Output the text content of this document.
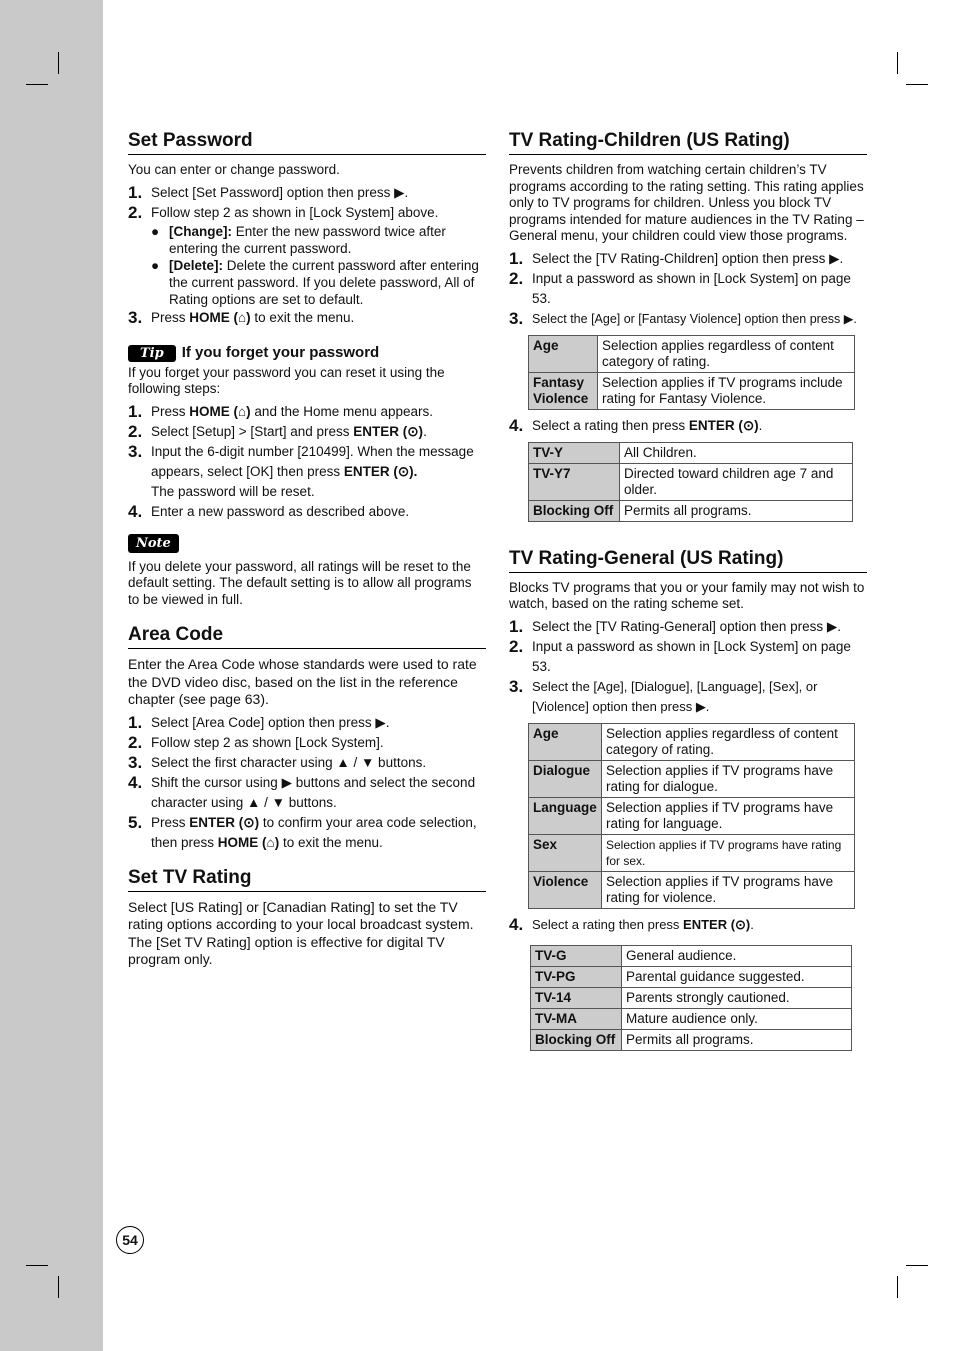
Set Password
You can enter or change password.
1. Select [Set Password] option then press ▶.
2. Follow step 2 as shown in [Lock System] above.
● [Change]: Enter the new password twice after entering the current password.
● [Delete]: Delete the current password after entering the current password. If you delete password, All of Rating options are set to default.
3. Press HOME (⌂) to exit the menu.
Tip If you forget your password
If you forget your password you can reset it using the following steps:
1. Press HOME (⌂) and the Home menu appears.
2. Select [Setup] > [Start] and press ENTER (⊙).
3. Input the 6-digit number [210499]. When the message appears, select [OK] then press ENTER (⊙).
The password will be reset.
4. Enter a new password as described above.
Note
If you delete your password, all ratings will be reset to the default setting. The default setting is to allow all programs to be viewed in full.
Area Code
Enter the Area Code whose standards were used to rate the DVD video disc, based on the list in the reference chapter (see page 63).
1. Select [Area Code] option then press ▶.
2. Follow step 2 as shown [Lock System].
3. Select the first character using ▲ / ▼ buttons.
4. Shift the cursor using ▶ buttons and select the second character using ▲ / ▼ buttons.
5. Press ENTER (⊙) to confirm your area code selection, then press HOME (⌂) to exit the menu.
Set TV Rating
Select [US Rating] or [Canadian Rating] to set the TV rating options according to your local broadcast system. The [Set TV Rating] option is effective for digital TV program only.
TV Rating-Children (US Rating)
Prevents children from watching certain children’s TV programs according to the rating setting. This rating applies only to TV programs for children. Unless you block TV programs intended for mature audiences in the TV Rating – General menu, your children could view those programs.
1. Select the [TV Rating-Children] option then press ▶.
2. Input a password as shown in [Lock System] on page 53.
3. Select the [Age] or [Fantasy Violence] option then press ▶.
Age	Selection applies regardless of content category of rating.
Fantasy Violence	Selection applies if TV programs include rating for Fantasy Violence.
4. Select a rating then press ENTER (⊙).
TV-Y	All Children.
TV-Y7	Directed toward children age 7 and older.
Blocking Off	Permits all programs.
TV Rating-General (US Rating)
Blocks TV programs that you or your family may not wish to watch, based on the rating scheme set.
1. Select the [TV Rating-General] option then press ▶.
2. Input a password as shown in [Lock System] on page 53.
3. Select the [Age], [Dialogue], [Language], [Sex], or [Violence] option then press ▶.
Age	Selection applies regardless of content category of rating.
Dialogue	Selection applies if TV programs have rating for dialogue.
Language	Selection applies if TV programs have rating for language.
Sex	Selection applies if TV programs have rating for sex.
Violence	Selection applies if TV programs have rating for violence.
4. Select a rating then press ENTER (⊙).
TV-G	General audience.
TV-PG	Parental guidance suggested.
TV-14	Parents strongly cautioned.
TV-MA	Mature audience only.
Blocking Off	Permits all programs.
54
